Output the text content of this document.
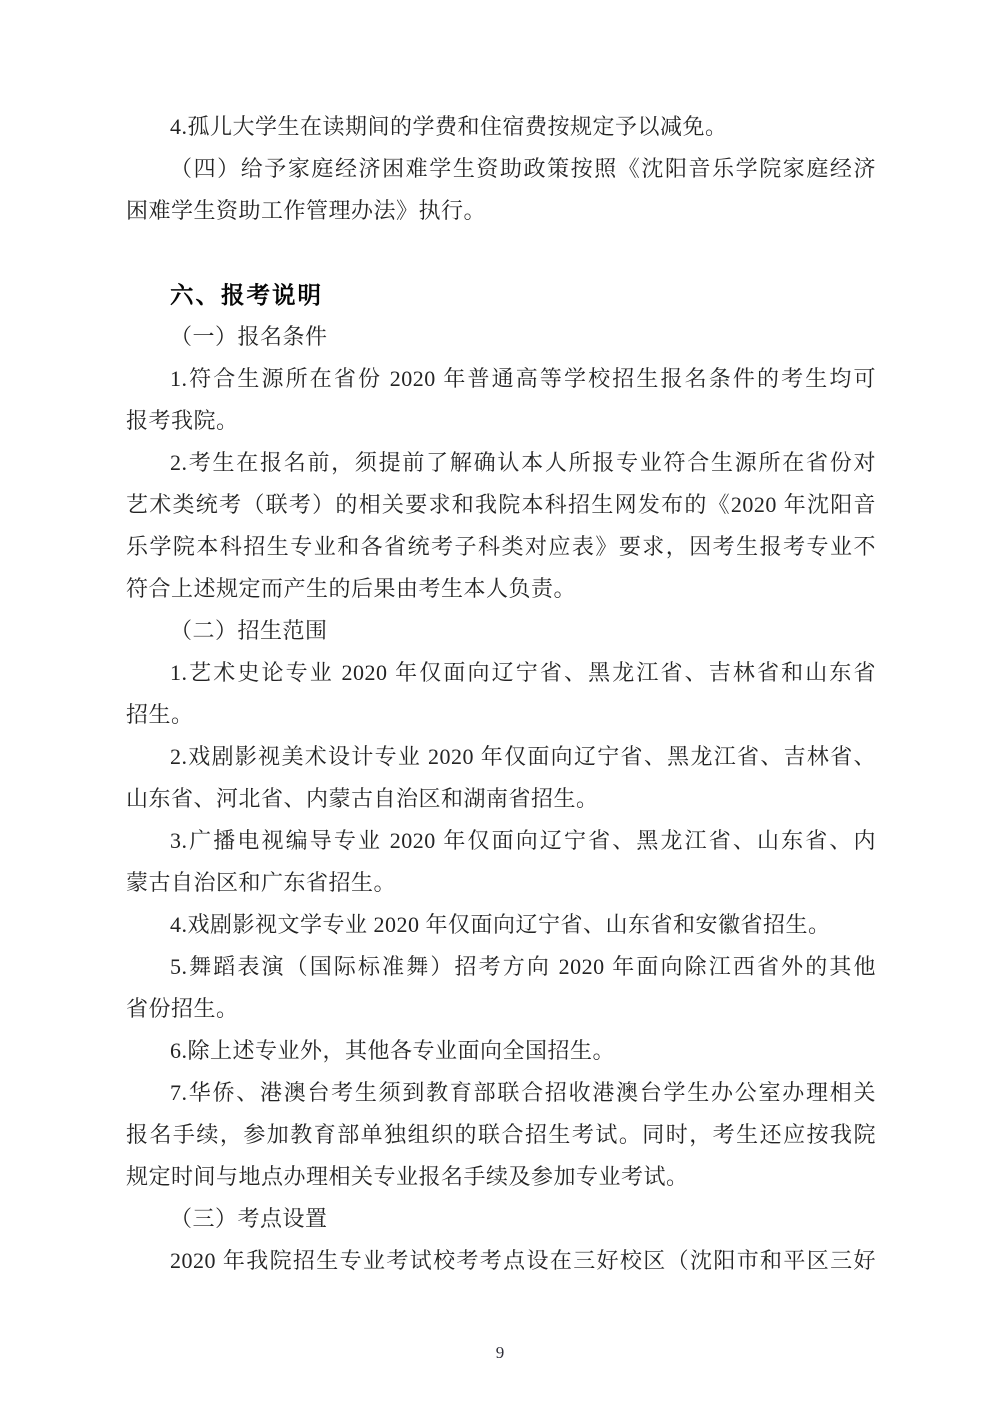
4.孤儿大学生在读期间的学费和住宿费按规定予以减免。
（四）给予家庭经济困难学生资助政策按照《沈阳音乐学院家庭经济
困难学生资助工作管理办法》执行。
六、报考说明
（一）报名条件
1.符合生源所在省份 2020 年普通高等学校招生报名条件的考生均可
报考我院。
2.考生在报名前，须提前了解确认本人所报专业符合生源所在省份对
艺术类统考（联考）的相关要求和我院本科招生网发布的《2020 年沈阳音
乐学院本科招生专业和各省统考子科类对应表》要求，因考生报考专业不
符合上述规定而产生的后果由考生本人负责。
（二）招生范围
1.艺术史论专业 2020 年仅面向辽宁省、黑龙江省、吉林省和山东省
招生。
2.戏剧影视美术设计专业 2020 年仅面向辽宁省、黑龙江省、吉林省、
山东省、河北省、内蒙古自治区和湖南省招生。
3.广播电视编导专业 2020 年仅面向辽宁省、黑龙江省、山东省、内
蒙古自治区和广东省招生。
4.戏剧影视文学专业 2020 年仅面向辽宁省、山东省和安徽省招生。
5.舞蹈表演（国际标准舞）招考方向 2020 年面向除江西省外的其他
省份招生。
6.除上述专业外，其他各专业面向全国招生。
7.华侨、港澳台考生须到教育部联合招收港澳台学生办公室办理相关
报名手续，参加教育部单独组织的联合招生考试。同时，考生还应按我院
规定时间与地点办理相关专业报名手续及参加专业考试。
（三）考点设置
2020 年我院招生专业考试校考考点设在三好校区（沈阳市和平区三好
9
